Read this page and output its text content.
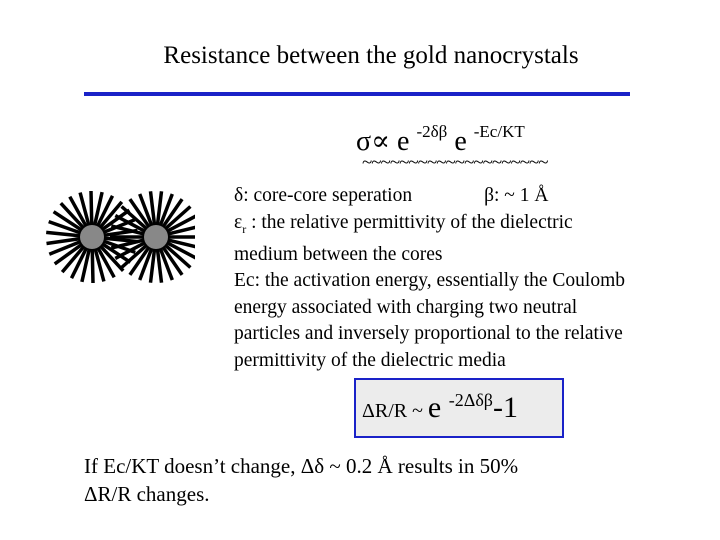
Resistance between the gold nanocrystals
σ∝ e $^{-2\delta\beta}$ e $^{-Ec/KT}$
~~~~~~~~~~~~~~~~~~~~
δ: core-core seperation	β: ~ 1 Å
$\varepsilon_r$ : the relative permittivity of the dielectric
medium between the cores
Ec: the activation energy, essentially the Coulomb
energy associated with charging two neutral
particles and inversely proportional to the relative
permittivity of the dielectric media
ΔR/R ~ e $^{-2\Delta\delta\beta}$-1
If Ec/KT doesn’t change, Δδ ~ 0.2 Å results in 50%
ΔR/R changes.
